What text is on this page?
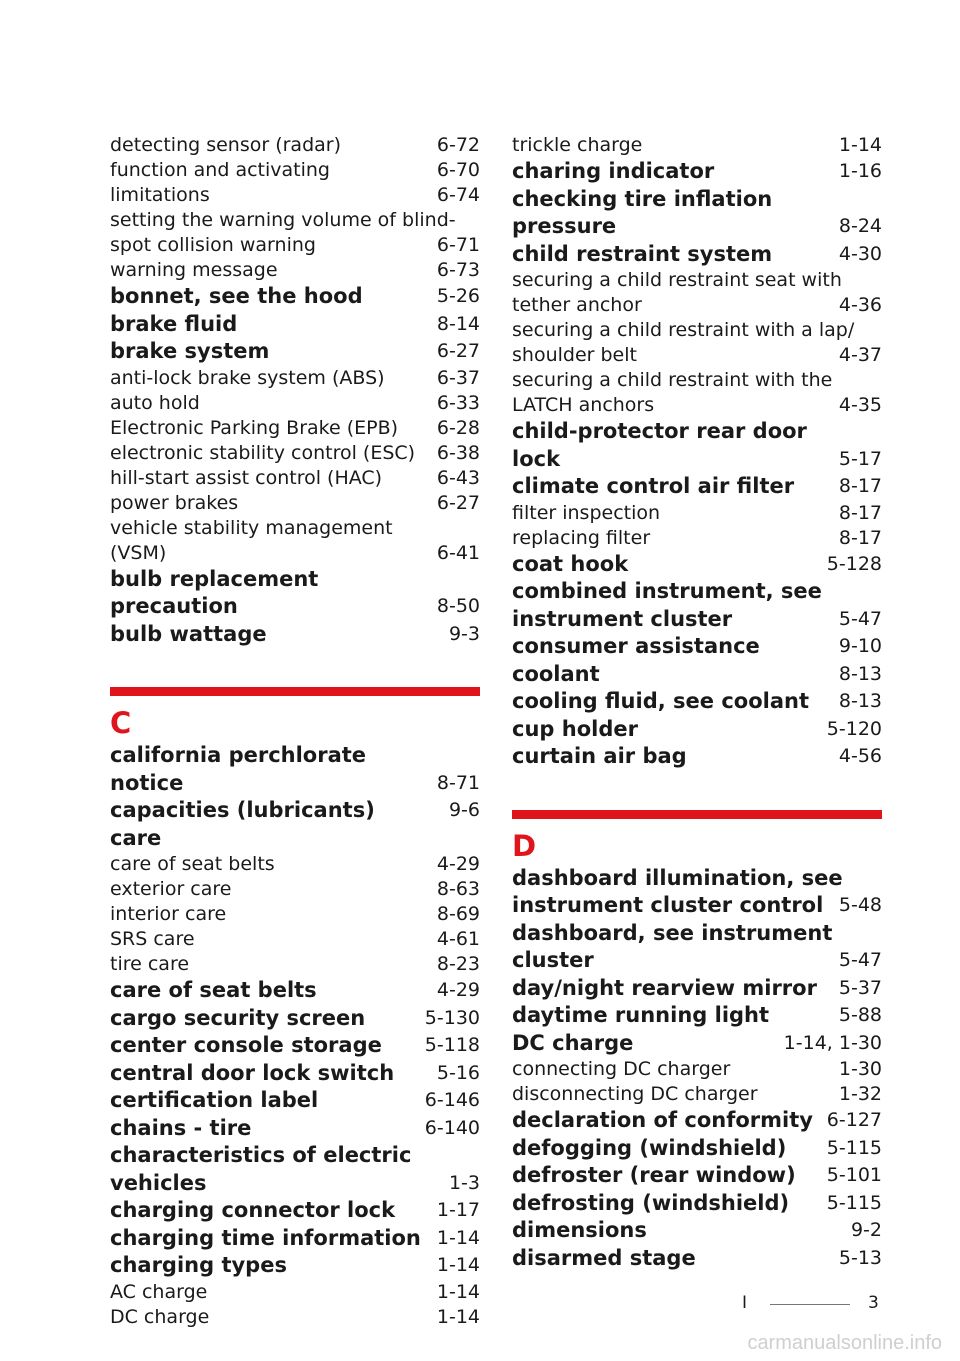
detecting sensor (radar)	6-72
function and activating	6-70
limitations	6-74
setting the warning volume of blind-
spot collision warning	6-71
warning message	6-73
bonnet, see the hood	5-26
brake fluid	8-14
brake system	6-27
anti-lock brake system (ABS)	6-37
auto hold	6-33
Electronic Parking Brake (EPB)	6-28
electronic stability control (ESC)	6-38
hill-start assist control (HAC)	6-43
power brakes	6-27
vehicle stability management
(VSM)	6-41
bulb replacement precaution	8-50
bulb wattage	9-3
C
california perchlorate notice	8-71
capacities (lubricants)	9-6
care
care of seat belts	4-29
exterior care	8-63
interior care	8-69
SRS care	4-61
tire care	8-23
care of seat belts	4-29
cargo security screen	5-130
center console storage	5-118
central door lock switch	5-16
certification label	6-146
chains - tire	6-140
characteristics of electric
vehicles	1-3
charging connector lock	1-17
charging time information 1-14
charging types	1-14
AC charge	1-14
DC charge	1-14
trickle charge	1-14
charing indicator	1-16
checking tire inflation
pressure	8-24
child restraint system	4-30
securing a child restraint seat with
tether anchor	4-36
securing a child restraint with a lap/
shoulder belt	4-37
securing a child restraint with the
LATCH anchors	4-35
child-protector rear door
lock	5-17
climate control air filter	8-17
filter inspection	8-17
replacing filter	8-17
coat hook	5-128
combined instrument, see
instrument cluster	5-47
consumer assistance	9-10
coolant	8-13
cooling fluid, see coolant	8-13
cup holder	5-120
curtain air bag	4-56
D
dashboard illumination, see
instrument cluster control 5-48
dashboard, see instrument
cluster	5-47
day/night rearview mirror	5-37
daytime running light	5-88
DC charge	1-14, 1-30
connecting DC charger	1-30
disconnecting DC charger	1-32
declaration of conformity 6-127
defogging (windshield)	5-115
defroster (rear window)	5-101
defrosting (windshield)	5-115
dimensions	9-2
disarmed stage	5-13
I	3
carmanualsonline.info
